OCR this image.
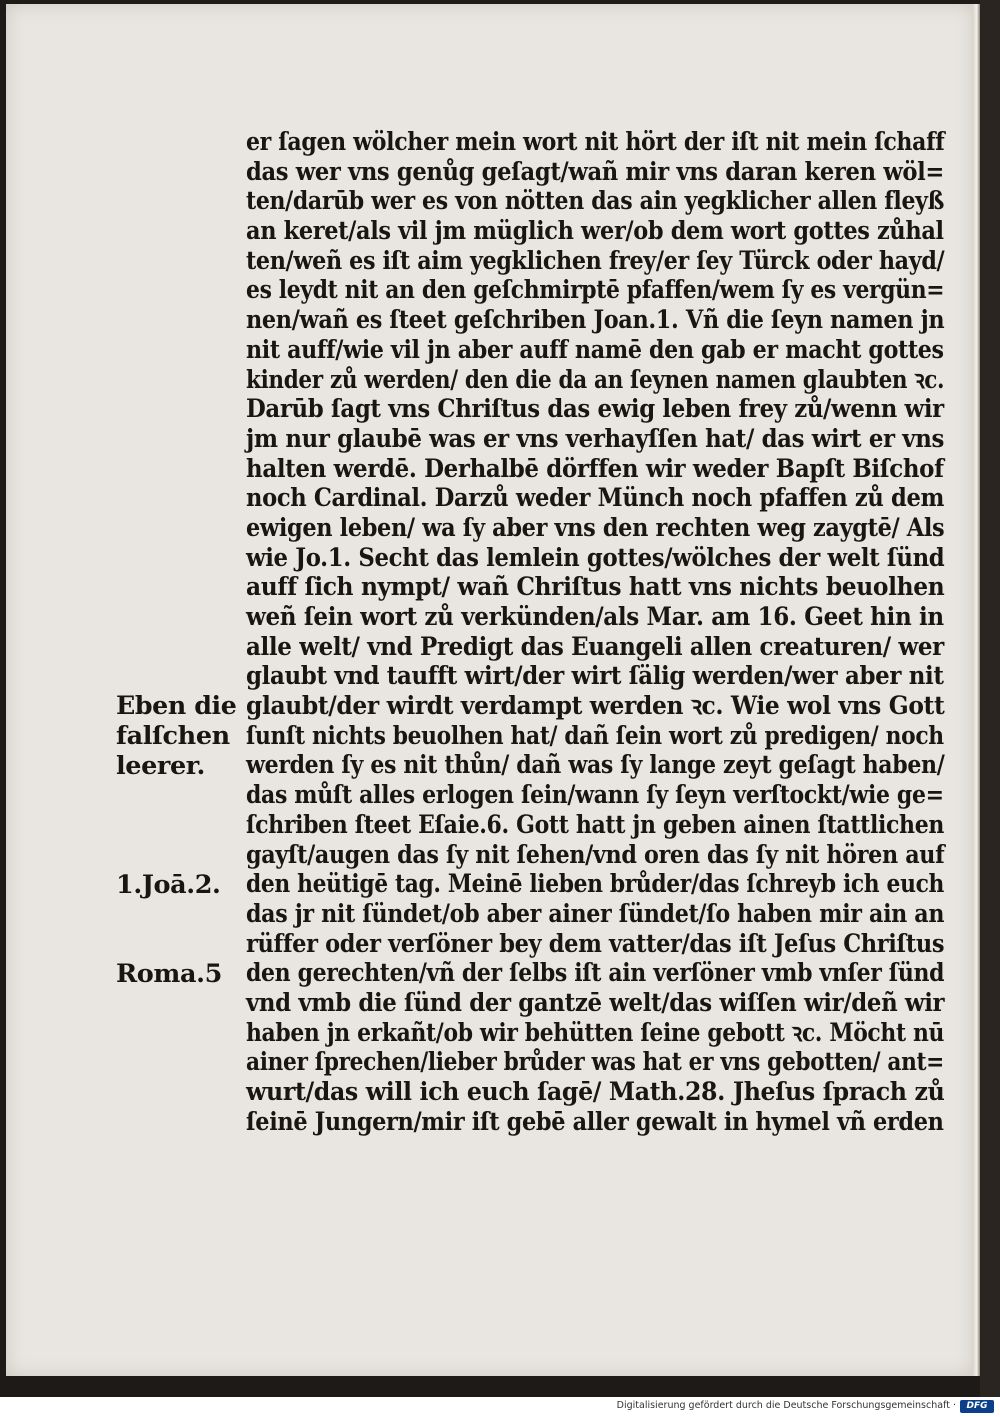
er ſagen wölcher mein wort nit hört der iſt nit mein ſchaff
das wer vns genůg geſagt/wañ mir vns daran keren wöl=
ten/darūb wer es von nötten das ain yegklicher allen fleyß
an keret/als vil jm müglich wer/ob dem wort gottes zůhal
ten/weñ es iſt aim yegklichen frey/er ſey Türck oder hayd/
es leydt nit an den geſchmirptē pfaffen/wem ſy es vergün=
nen/wañ es ſteet geſchriben Joan.1. Vñ die ſeyn namen jn
nit auff/wie vil jn aber auff namē den gab er macht gottes
kinder zů werden/ den die da an ſeynen namen glaubten ꝛc.
Darūb ſagt vns Chriſtus das ewig leben frey zů/wenn wir
jm nur glaubē was er vns verhayſſen hat/ das wirt er vns
halten werdē. Derhalbē dörffen wir weder Bapſt Biſchof
noch Cardinal. Darzů weder Münch noch pfaffen zů dem
ewigen leben/ wa ſy aber vns den rechten weg zaygtē/ Als
wie Jo.1. Secht das lemlein gottes/wölches der welt ſünd
auff ſich nympt/ wañ Chriſtus hatt vns nichts beuolhen
weñ ſein wort zů verkünden/als Mar. am 16. Geet hin in
alle welt/ vnd Predigt das Euangeli allen creaturen/ wer
glaubt vnd taufft wirt/der wirt ſälig werden/wer aber nit
glaubt/der wirdt verdampt werden ꝛc. Wie wol vns Gott
ſunſt nichts beuolhen hat/ dañ ſein wort zů predigen/ noch
werden ſy es nit thůn/ dañ was ſy lange zeyt geſagt haben/
das můſt alles erlogen ſein/wann ſy ſeyn verſtockt/wie ge=
ſchriben ſteet Eſaie.6. Gott hatt jn geben ainen ſtattlichen
gayſt/augen das ſy nit ſehen/vnd oren das ſy nit hören auf
den heütigē tag. Meinē lieben brůder/das ſchreyb ich euch
das jr nit ſündet/ob aber ainer ſündet/ſo haben mir ain an
rüffer oder verſöner bey dem vatter/das iſt Jeſus Chriſtus
den gerechten/vñ der ſelbs iſt ain verſöner vmb vnſer ſünd
vnd vmb die ſünd der gantzē welt/das wiſſen wir/deñ wir
haben jn erkañt/ob wir behütten ſeine gebott ꝛc. Möcht nū
ainer ſprechen/lieber brůder was hat er vns gebotten/ ant=
wurt/das will ich euch ſagē/ Math.28. Jheſus ſprach zů
ſeinē Jungern/mir iſt gebē aller gewalt in hymel vñ erden
Eben die
falſchen
leerer.
1.Joā.2.
Roma.5
Digitalisierung gefördert durch die Deutsche Forschungsgemeinschaft ·	DFG
